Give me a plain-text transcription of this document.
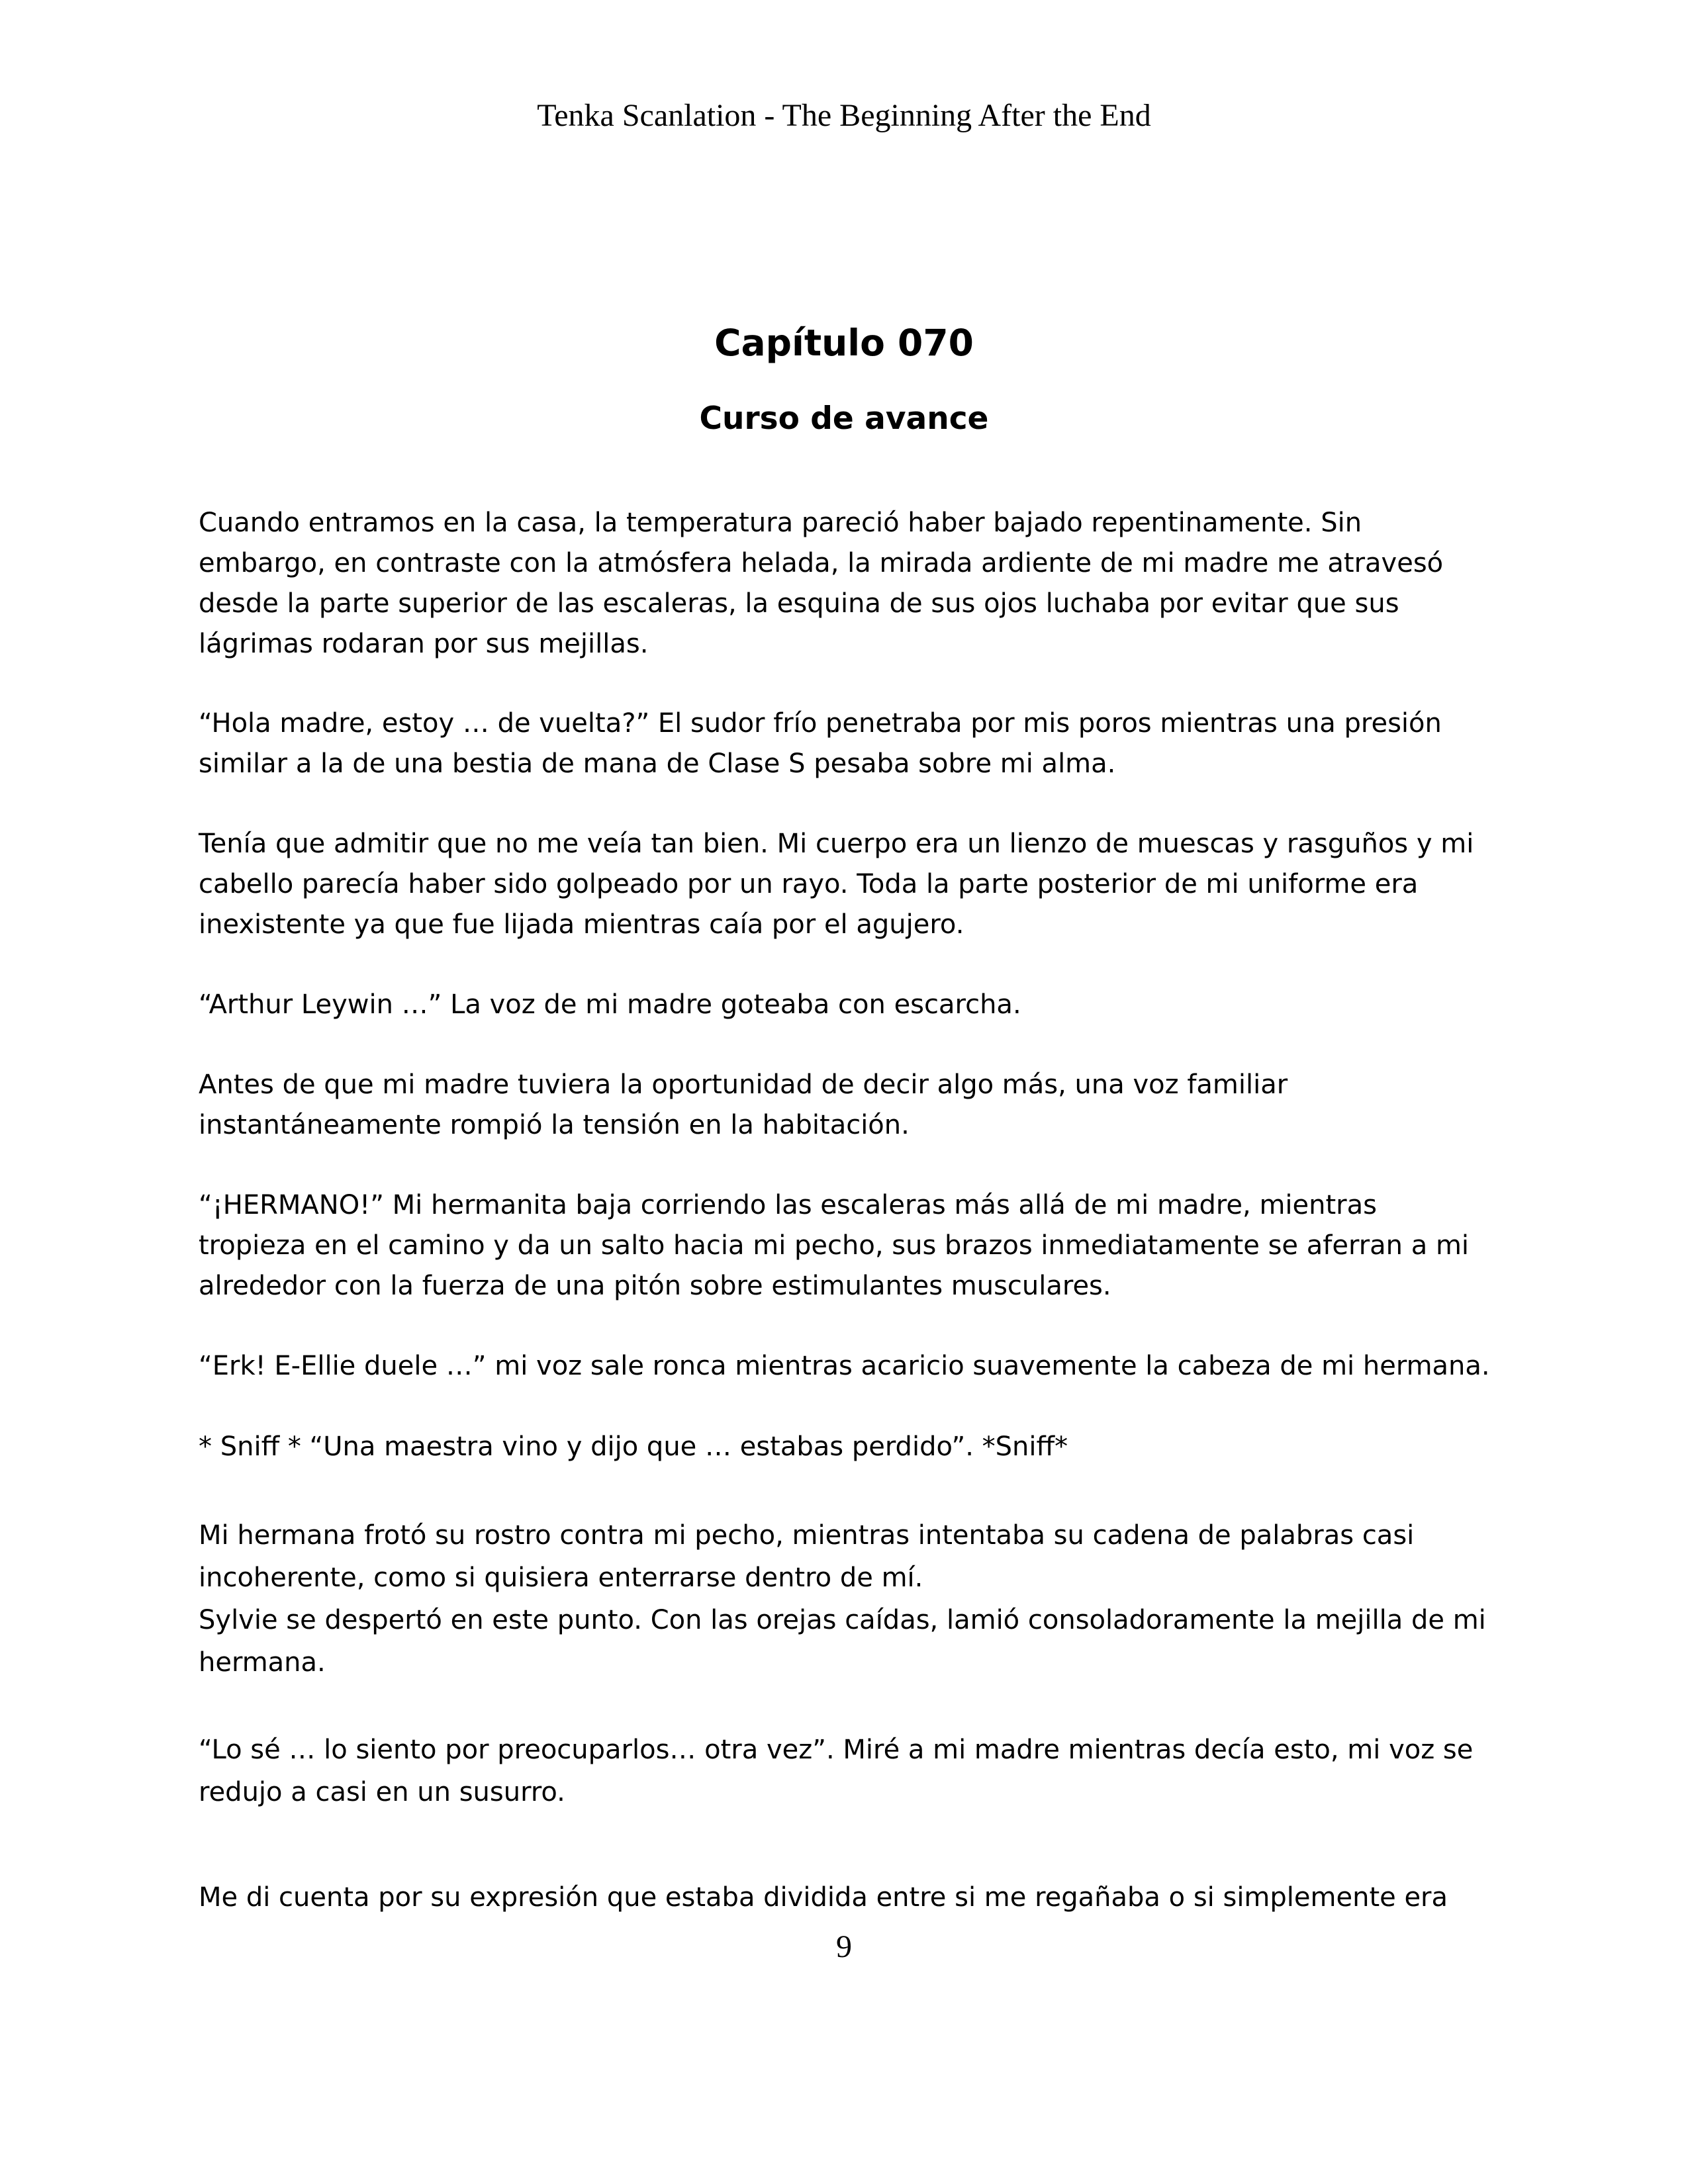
Tenka Scanlation - The Beginning After the End
Capítulo 070
Curso de avance
Cuando entramos en la casa, la temperatura pareció haber bajado repentinamente. Sin
embargo, en contraste con la atmósfera helada, la mirada ardiente de mi madre me atravesó
desde la parte superior de las escaleras, la esquina de sus ojos luchaba por evitar que sus
lágrimas rodaran por sus mejillas.
“Hola madre, estoy … de vuelta?” El sudor frío penetraba por mis poros mientras una presión
similar a la de una bestia de mana de Clase S pesaba sobre mi alma.
Tenía que admitir que no me veía tan bien. Mi cuerpo era un lienzo de muescas y rasguños y mi
cabello parecía haber sido golpeado por un rayo. Toda la parte posterior de mi uniforme era
inexistente ya que fue lijada mientras caía por el agujero.
“Arthur Leywin …” La voz de mi madre goteaba con escarcha.
Antes de que mi madre tuviera la oportunidad de decir algo más, una voz familiar
instantáneamente rompió la tensión en la habitación.
“¡HERMANO!” Mi hermanita baja corriendo las escaleras más allá de mi madre, mientras
tropieza en el camino y da un salto hacia mi pecho, sus brazos inmediatamente se aferran a mi
alrededor con la fuerza de una pitón sobre estimulantes musculares.
“Erk! E-Ellie duele …” mi voz sale ronca mientras acaricio suavemente la cabeza de mi hermana.
* Sniff * “Una maestra vino y dijo que … estabas perdido”. *Sniff*
Mi hermana frotó su rostro contra mi pecho, mientras intentaba su cadena de palabras casi
incoherente, como si quisiera enterrarse dentro de mí.
Sylvie se despertó en este punto. Con las orejas caídas, lamió consoladoramente la mejilla de mi
hermana.
“Lo sé … lo siento por preocuparlos… otra vez”. Miré a mi madre mientras decía esto, mi voz se
redujo a casi en un susurro.
Me di cuenta por su expresión que estaba dividida entre si me regañaba o si simplemente era
9
